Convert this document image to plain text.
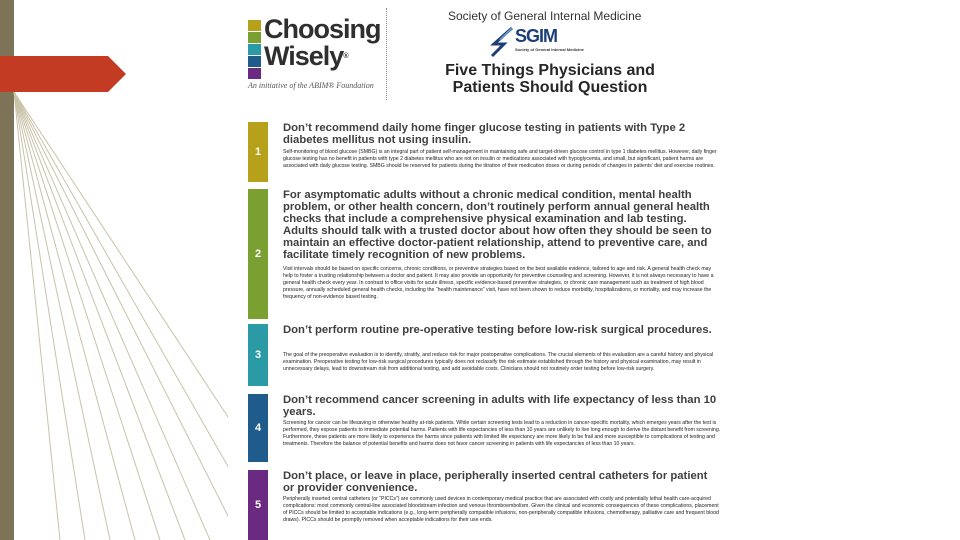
Choosing
Wisely®
An initiative of the ABIM® Foundation
Society of General Internal Medicine
SGIM
Society of General Internal Medicine
Five Things Physicians and Patients Should Question
1
Don’t recommend daily home finger glucose testing in patients with Type 2 diabetes mellitus not using insulin.
Self-monitoring of blood glucose (SMBG) is an integral part of patient self-management in maintaining safe and target-driven glucose control in type 1 diabetes mellitus. However, daily finger glucose testing has no benefit in patients with type 2 diabetes mellitus who are not on insulin or medications associated with hypoglycemia, and small, but significant, patient harms are associated with daily glucose testing. SMBG should be reserved for patients during the titration of their medication doses or during periods of changes in patients’ diet and exercise routines.
2
For asymptomatic adults without a chronic medical condition, mental health problem, or other health concern, don’t routinely perform annual general health checks that include a comprehensive physical examination and lab testing. Adults should talk with a trusted doctor about how often they should be seen to maintain an effective doctor-patient relationship, attend to preventive care, and facilitate timely recognition of new problems.
Visit intervals should be based on specific concerns, chronic conditions, or preventive strategies based on the best available evidence, tailored to age and risk. A general health check may help to foster a trusting relationship between a doctor and patient. It may also provide an opportunity for preventive counseling and screening. However, it is not always necessary to have a general health check every year. In contrast to office visits for acute illness, specific evidence-based preventive strategies, or chronic care management such as treatment of high blood pressure, annually scheduled general health checks, including the “health maintenance” visit, have not been shown to reduce morbidity, hospitalizations, or mortality, and may increase the frequency of non-evidence based testing.
3
Don’t perform routine pre-operative testing before low-risk surgical procedures.
The goal of the preoperative evaluation is to identify, stratify, and reduce risk for major postoperative complications. The crucial elements of this evaluation are a careful history and physical examination. Preoperative testing for low-risk surgical procedures typically does not reclassify the risk estimate established through the history and physical examination, may result in unnecessary delays, lead to downstream risk from additional testing, and add avoidable costs. Clinicians should not routinely order testing before low-risk surgery.
4
Don’t recommend cancer screening in adults with life expectancy of less than 10 years.
Screening for cancer can be lifesaving in otherwise healthy at-risk patients. While certain screening tests lead to a reduction in cancer-specific mortality, which emerges years after the test is performed, they expose patients to immediate potential harms. Patients with life expectancies of less than 10 years are unlikely to live long enough to derive the distant benefit from screening. Furthermore, these patients are more likely to experience the harms since patients with limited life expectancy are more likely to be frail and more susceptible to complications of testing and treatments. Therefore the balance of potential benefits and harms does not favor cancer screening in patients with life expectancies of less than 10 years.
5
Don’t place, or leave in place, peripherally inserted central catheters for patient or provider convenience.
Peripherally inserted central catheters (or “PICCs”) are commonly used devices in contemporary medical practice that are associated with costly and potentially lethal health care-acquired complications: most commonly central-line associated bloodstream infection and venous thromboembolism. Given the clinical and economic consequences of these complications, placement of PICCs should be limited to acceptable indications (e.g., long-term peripherally compatible infusions, non-peripherally compatible infusions, chemotherapy, palliative care and frequent blood draws). PICCs should be promptly removed when acceptable indications for their use ends.
